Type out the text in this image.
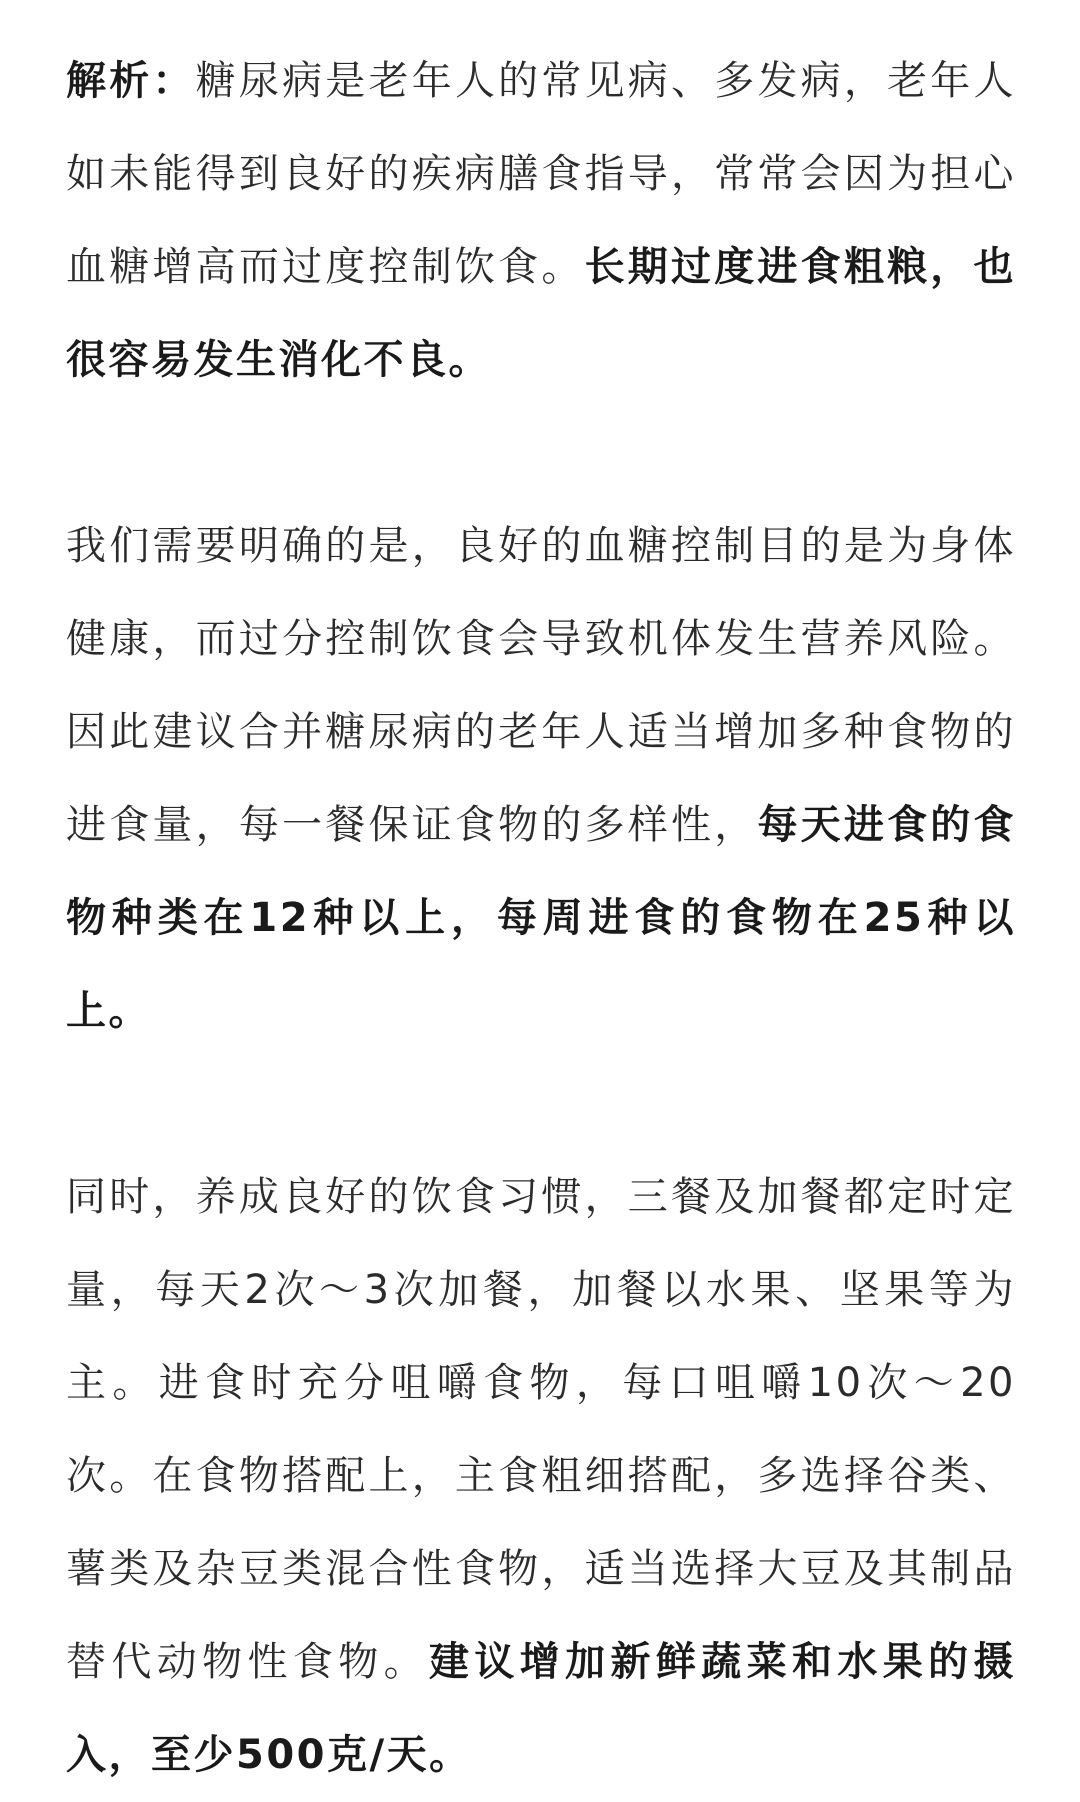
解析：糖尿病是老年人的常见病、多发病，老年人如未能得到良好的疾病膳食指导，常常会因为担心血糖增高而过度控制饮食。长期过度进食粗粮，也很容易发生消化不良。

我们需要明确的是，良好的血糖控制目的是为身体健康，而过分控制饮食会导致机体发生营养风险。因此建议合并糖尿病的老年人适当增加多种食物的进食量，每一餐保证食物的多样性，每天进食的食物种类在12种以上，每周进食的食物在25种以上。

同时，养成良好的饮食习惯，三餐及加餐都定时定量，每天2次～3次加餐，加餐以水果、坚果等为主。进食时充分咀嚼食物，每口咀嚼10次～20次。在食物搭配上，主食粗细搭配，多选择谷类、薯类及杂豆类混合性食物，适当选择大豆及其制品替代动物性食物。建议增加新鲜蔬菜和水果的摄入，至少500克/天。
